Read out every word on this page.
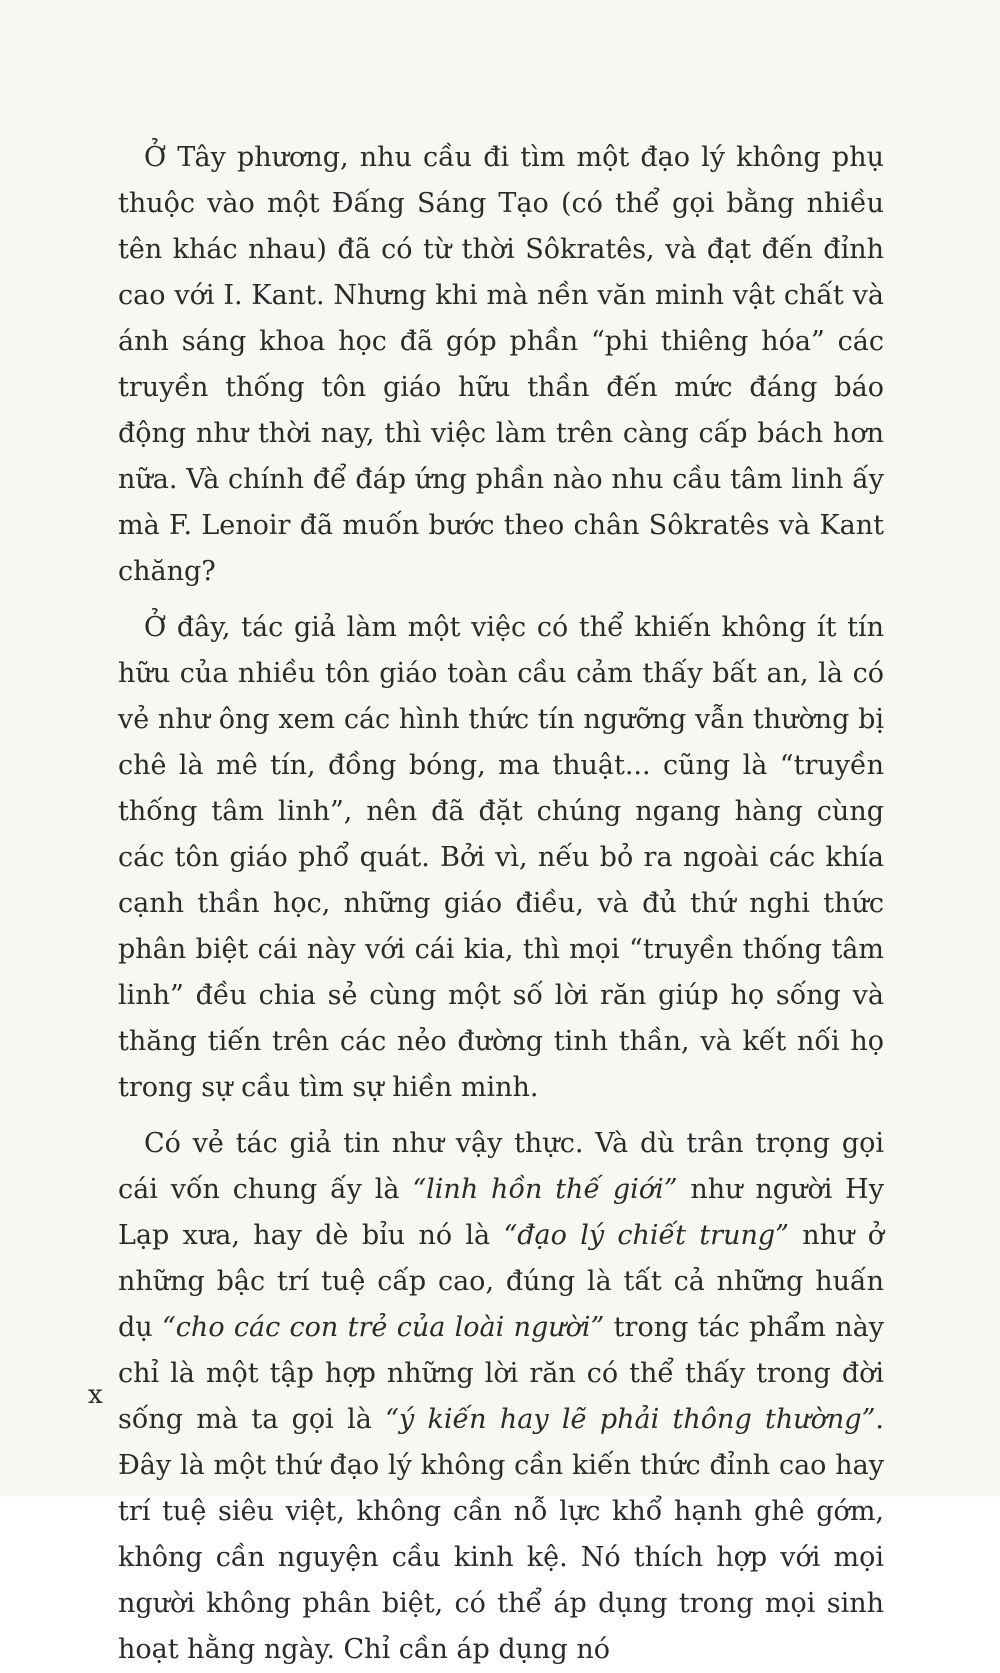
Ở Tây phương, nhu cầu đi tìm một đạo lý không phụ thuộc vào một Đấng Sáng Tạo (có thể gọi bằng nhiều tên khác nhau) đã có từ thời Sôkratês, và đạt đến đỉnh cao với I. Kant. Nhưng khi mà nền văn minh vật chất và ánh sáng khoa học đã góp phần “phi thiêng hóa” các truyền thống tôn giáo hữu thần đến mức đáng báo động như thời nay, thì việc làm trên càng cấp bách hơn nữa. Và chính để đáp ứng phần nào nhu cầu tâm linh ấy mà F. Lenoir đã muốn bước theo chân Sôkratês và Kant chăng?

Ở đây, tác giả làm một việc có thể khiến không ít tín hữu của nhiều tôn giáo toàn cầu cảm thấy bất an, là có vẻ như ông xem các hình thức tín ngưỡng vẫn thường bị chê là mê tín, đồng bóng, ma thuật... cũng là “truyền thống tâm linh”, nên đã đặt chúng ngang hàng cùng các tôn giáo phổ quát. Bởi vì, nếu bỏ ra ngoài các khía cạnh thần học, những giáo điều, và đủ thứ nghi thức phân biệt cái này với cái kia, thì mọi “truyền thống tâm linh” đều chia sẻ cùng một số lời răn giúp họ sống và thăng tiến trên các nẻo đường tinh thần, và kết nối họ trong sự cầu tìm sự hiền minh.

Có vẻ tác giả tin như vậy thực. Và dù trân trọng gọi cái vốn chung ấy là “linh hồn thế giới” như người Hy Lạp xưa, hay dè bỉu nó là “đạo lý chiết trung” như ở những bậc trí tuệ cấp cao, đúng là tất cả những huấn dụ “cho các con trẻ của loài người” trong tác phẩm này chỉ là một tập hợp những lời răn có thể thấy trong đời sống mà ta gọi là “ý kiến hay lẽ phải thông thường”. Đây là một thứ đạo lý không cần kiến thức đỉnh cao hay trí tuệ siêu việt, không cần nỗ lực khổ hạnh ghê gớm, không cần nguyện cầu kinh kệ. Nó thích hợp với mọi người không phân biệt, có thể áp dụng trong mọi sinh hoạt hằng ngày. Chỉ cần áp dụng nó

x
